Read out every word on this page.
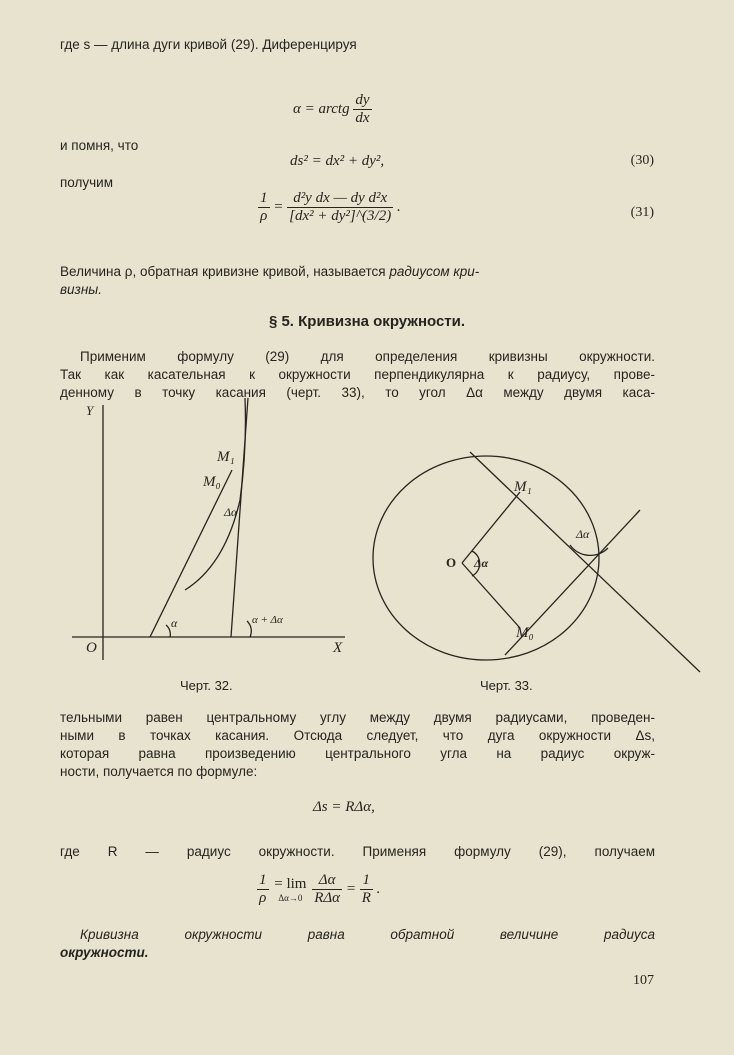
где s — длина дуги кривой (29). Диференцируя
α = arctg $\frac{dy}{dx}$
и помня, что
ds² = dx² + dy²,	(30)
получим
$\frac{1}{\rho} = \frac{\text{d²y dx — dy d²x}}{\text{[dx² + dy²]\textasciicircum{}(3/2)}}$ .	(31)
Величина ρ, обратная кривизне кривой, называется радиусом кри-
визны.
§ 5. Кривизна окружности.
Применим формулу (29) для определения кривизны окружности.
Так как касательная к окружности перпендикулярна к радиусу, прове-
денному в точку касания (черт. 33), то угол Δα между двумя каса-
Y
X
O
M₁
M₀
Δα
α	α + Δα
Черт. 32.
O Δα
M₁
M₀
Δα
Черт. 33.
тельными равен центральному углу между двумя радиусами, проведен-
ными в точках касания. Отсюда следует, что дуга окружности Δs,
которая равна произведению центрального угла на радиус окруж-
ности, получается по формуле:
Δs = RΔα,
где R — радиус окружности. Применяя формулу (29), получаем
$\frac{1}{\rho}$
= lim
Δα→0
$\frac{\Delta\alpha}{\text{RΔα}} = \frac{1}{R}$ .
Кривизна окружности равна обратной величине радиуса
окружности.
107
